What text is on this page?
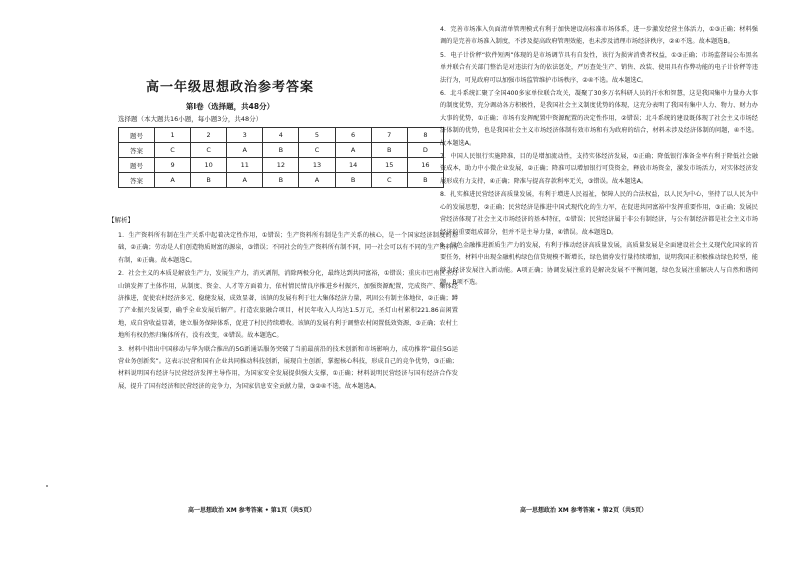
高一年级思想政治参考答案
第Ⅰ卷（选择题，共48分）
选择题（本大题共16小题，每小题3分，共48分）
题号	1	2	3	4	5	6	7	8
答案	C	C	A	B	C	A	B	D
题号	9	10	11	12	13	14	15	16
答案	A	B	A	B	A	B	C	B
【解析】
1．生产资料所有制在生产关系中起着决定性作用，①错误；生产资料所有制是生产关系的核心，是一个国家经济制度的基础，②正确；劳动是人们创造物质财富的源泉，③错误；不同社会的生产资料所有制不同，同一社会可以有不同的生产资料所有制，④正确。故本题选C。
2．社会主义的本质是解放生产力，发展生产力，消灭剥削，消除两极分化，最终达到共同富裕，①错误；重庆市巴南区圣灯山镇发挥了主体作用，从制度、资金、人才等方面着力，依村情民情良序推进乡村振兴，加强资源配置，完成资产、集体经济推进，促使农村经济多元、稳健发展，成效显著，该镇的发展有利于壮大集体经济力量，巩固公有制主体地位，②正确；蹲了产业振兴发展要，确乎全业发展后解产。打造农旅融合项目，村民年收入人均达1.5万元，圣灯山村累积221.86亩闲置地，成自营收益显著，建立服务保障体系，促进了村民持续增收。该镇的发展有利于调整农村闲置低效资源，③正确；农村土地所有权仍然归集体所有，没有改变，④错误。故本题选C。
3．材料中指出中国移动与华为联合推出的5G新通话服务突破了当前最前沿的技术创新和市场影响力，成功推荐“最佳5G运营业务创新奖”。这表示民营和国有企业共同推动科技创新，展现自主创新，掌握核心科技，形成自己的竞争优势，③正确；材料说明国有经济与民营经济发挥主导作用，为国家安全发展提供强大支撑，①正确；材料说明民营经济与国有经济合作发展，提升了国有经济和民营经济的竞争力，为国家信息安全贡献力量，③②④不选，故本题选A。
高一思想政治 XM 参考答案 • 第1页（共5页）
4．完善市场准入负面清单管理模式有利于加快建设高标准市场体系，进一步激发经营主体活力，①③正确；材料强调的是完善市场准入制度，不涉及提高政府管理效能，也未涉及清理市场经济秩序，②④不选。故本题选B。
5．电子计价秤“软件短两”体现的是市场调节具有自发性，该行为损害消费者权益，①③正确；市场监督局公布黑名单并联合有关部门整治是对违法行为的依法惩处，严厉查处生产、销售、改装、使用具有作弊功能的电子计价秤等违法行为，可见政府可以加强市场监管维护市场秩序，②④不选。故本题选C。
6．北斗系统汇聚了全国400多家单位联合攻关，凝聚了30多万名科研人员的汗水和智慧，这是我国集中力量办大事的制度优势，充分调动各方积极性，是我国社会主义制度优势的体现，这充分表明了我国有集中人力、物力、财力办大事的优势，①正确；市场有发挥配置中资源配置的决定性作用，②错误；北斗系统的建设既体现了社会主义市场经济体制的优势，也是我国社会主义市场经济体制有效市场和有为政府的结合，材料未涉及经济体制的问题，④不选。故本题选A。
7．中国人民银行实施降准，目的是增加流动性，支持实体经济发展，①正确；降低银行准备金率有利于降低社会融资成本，助力中小微企业发展，②正确；降准可以增加银行可贷资金，释放市场资金，激发市场活力，对实体经济发展形成有力支持，④正确；降准与提高存款利率无关，③错误。故本题选A。
8．扎实推进民营经济高质量发展，有利于增进人民福祉，保障人民的合法权益，以人民为中心，坚持了以人民为中心的发展思想，②正确；民营经济是推进中国式现代化的生力军，在促进共同富裕中发挥重要作用，③正确；发展民营经济体现了社会主义市场经济的基本特征，①错误；民营经济属于非公有制经济，与公有制经济都是社会主义市场经济的重要组成部分，但并不是主导力量，④错误。故本题选D。
9．绿色金融推进新质生产力的发展，有利于推动经济高质量发展，高质量发展是全面建设社会主义现代化国家的首要任务，材料中出现金融机构绿色信贷规模不断增长，绿色债券发行量持续增加，说明我国正积极推动绿色转型，能够为经济发展注入新动能。A项正确；协调发展注重的是解决发展不平衡问题，绿色发展注重解决人与自然和谐问题，B项不选。
高一思想政治 XM 参考答案 • 第2页（共5页）
